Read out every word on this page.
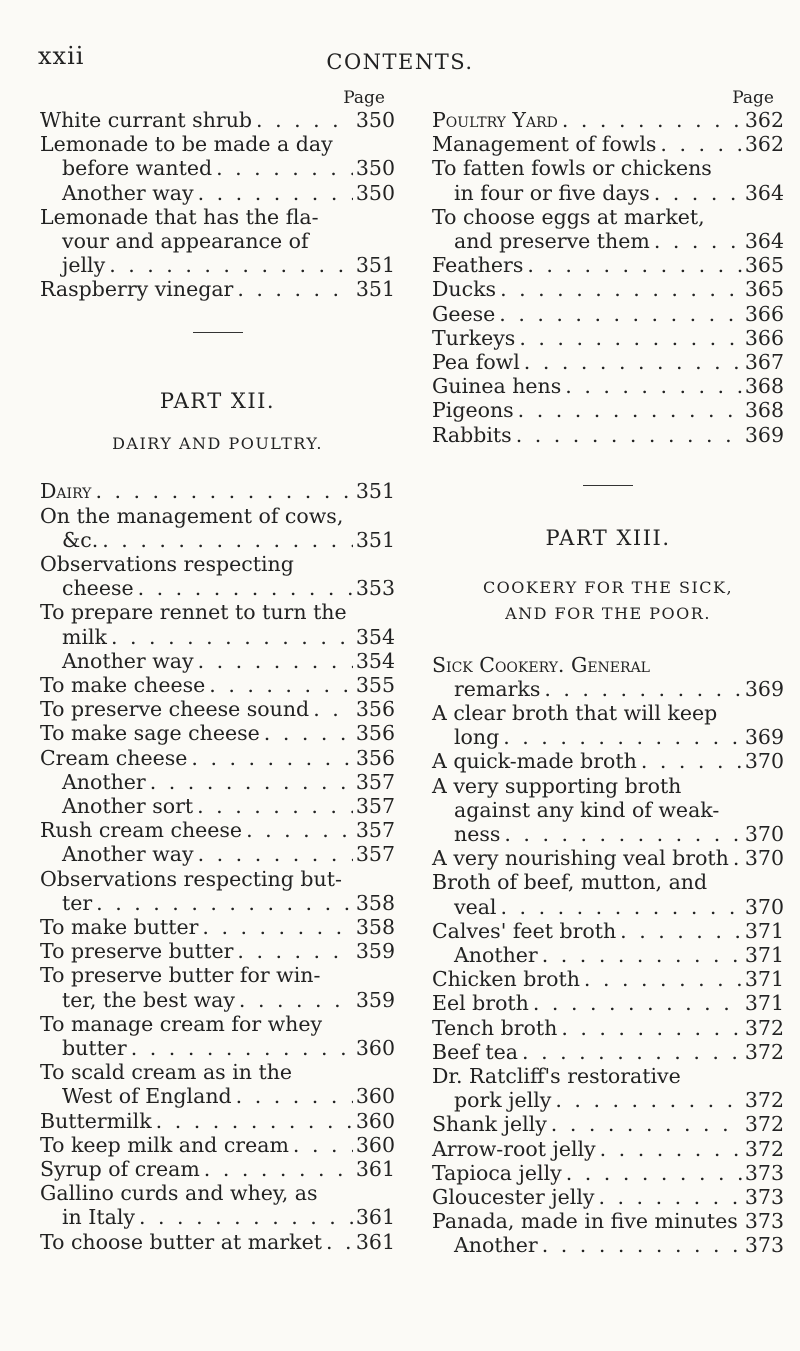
xxii	CONTENTS.
Page
White currant shrub . . .	350
Lemonade to be made a day
before wanted . . .	350
Another way . . .	350
Lemonade that has the fla-
vour and appearance of
jelly . . .	351
Raspberry vinegar . . .	351
PART XII.
DAIRY AND POULTRY.
Dairy . . .	351
On the management of cows,
&c. . . .	351
Observations respecting
cheese . . .	353
To prepare rennet to turn the
milk . . .	354
Another way . . .	354
To make cheese . . .	355
To preserve cheese sound . . . 356
To make sage cheese . . .	356
Cream cheese . . .	356
Another . . .	357
Another sort . . .	357
Rush cream cheese . . .	357
Another way . . .	357
Observations respecting but-
ter . . .	358
To make butter . . .	358
To preserve butter . . .	359
To preserve butter for win-
ter, the best way . . .	359
To manage cream for whey
butter . . .	360
To scald cream as in the
West of England . . .	360
Buttermilk . . .	360
To keep milk and cream . . .	360
Syrup of cream . . .	361
Gallino curds and whey, as
in Italy . . .	361
To choose butter at market . . . 361
Page
Poultry Yard . . .	362
Management of fowls . . .	362
To fatten fowls or chickens
in four or five days . . .	364
To choose eggs at market,
and preserve them . . .	364
Feathers . . .	365
Ducks . . .	365
Geese . . .	366
Turkeys . . .	366
Pea fowl . . .	367
Guinea hens . . .	368
Pigeons . . .	368
Rabbits . . .	369
PART XIII.
COOKERY FOR THE SICK,
AND FOR THE POOR.
Sick Cookery. General
remarks . . .	369
A clear broth that will keep
long . . .	369
A quick-made broth . . .	370
A very supporting broth
against any kind of weak-
ness . . .	370
A very nourishing veal broth . . . 370
Broth of beef, mutton, and
veal . . .	370
Calves' feet broth . . .	371
Another . . .	371
Chicken broth . . .	371
Eel broth . . .	371
Tench broth . . .	372
Beef tea . . .	372
Dr. Ratcliff's restorative
pork jelly . . .	372
Shank jelly . . .	372
Arrow-root jelly . . .	372
Tapioca jelly . . .	373
Gloucester jelly . . .	373
Panada, made in five minutes . . . 373
Another . . .	373
